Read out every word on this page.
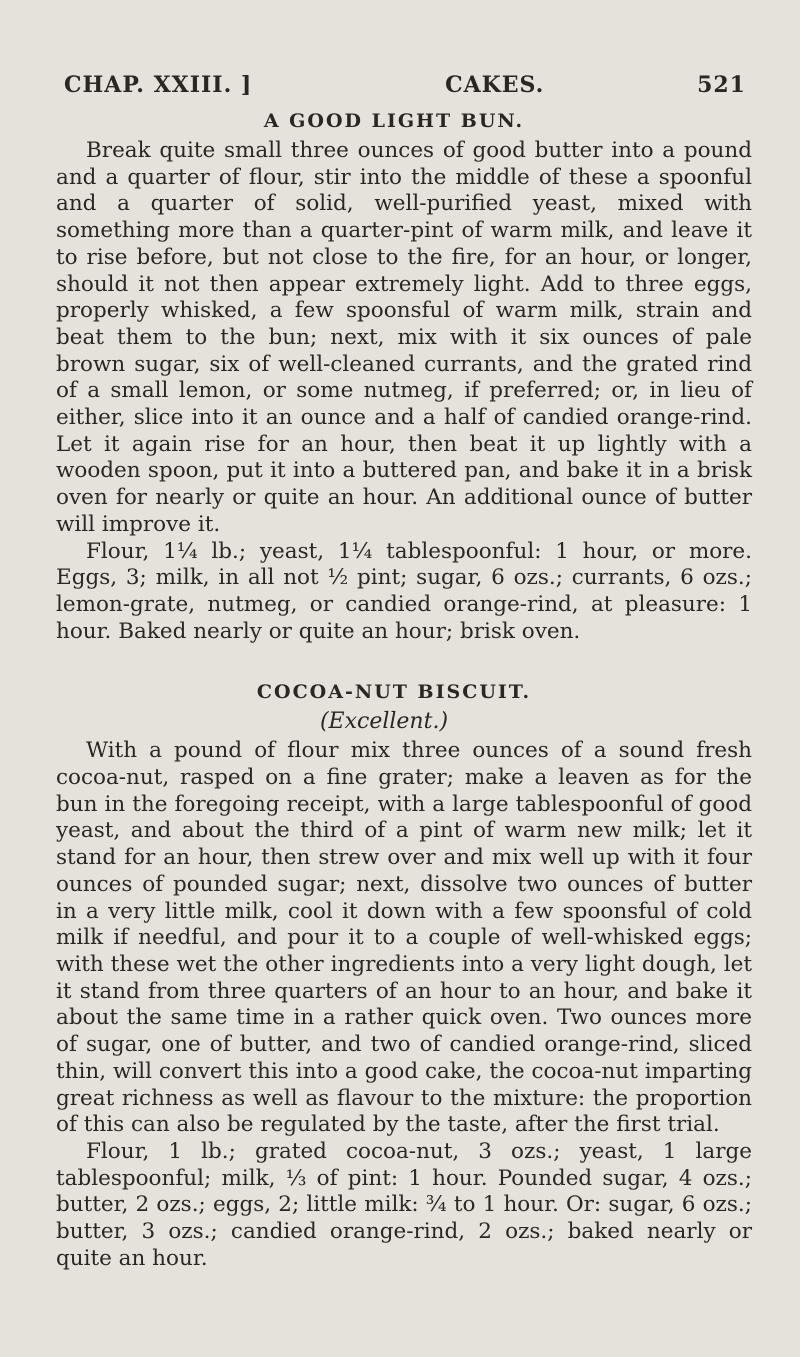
CHAP. XXIII. ]	CAKES.	521
A GOOD LIGHT BUN.

Break quite small three ounces of good butter into a pound and a quarter of flour, stir into the middle of these a spoonful and a quarter of solid, well-purified yeast, mixed with something more than a quarter-pint of warm milk, and leave it to rise before, but not close to the fire, for an hour, or longer, should it not then appear extremely light. Add to three eggs, properly whisked, a few spoonsful of warm milk, strain and beat them to the bun; next, mix with it six ounces of pale brown sugar, six of well-cleaned currants, and the grated rind of a small lemon, or some nutmeg, if preferred; or, in lieu of either, slice into it an ounce and a half of candied orange-rind. Let it again rise for an hour, then beat it up lightly with a wooden spoon, put it into a buttered pan, and bake it in a brisk oven for nearly or quite an hour. An additional ounce of butter will improve it.

Flour, 1¼ lb.; yeast, 1¼ tablespoonful: 1 hour, or more. Eggs, 3; milk, in all not ½ pint; sugar, 6 ozs.; currants, 6 ozs.; lemon-grate, nutmeg, or candied orange-rind, at pleasure: 1 hour. Baked nearly or quite an hour; brisk oven.

COCOA-NUT BISCUIT.
(Excellent.)

With a pound of flour mix three ounces of a sound fresh cocoa-nut, rasped on a fine grater; make a leaven as for the bun in the foregoing receipt, with a large tablespoonful of good yeast, and about the third of a pint of warm new milk; let it stand for an hour, then strew over and mix well up with it four ounces of pounded sugar; next, dissolve two ounces of butter in a very little milk, cool it down with a few spoonsful of cold milk if needful, and pour it to a couple of well-whisked eggs; with these wet the other ingredients into a very light dough, let it stand from three quarters of an hour to an hour, and bake it about the same time in a rather quick oven. Two ounces more of sugar, one of butter, and two of candied orange-rind, sliced thin, will convert this into a good cake, the cocoa-nut imparting great richness as well as flavour to the mixture: the proportion of this can also be regulated by the taste, after the first trial.

Flour, 1 lb.; grated cocoa-nut, 3 ozs.; yeast, 1 large tablespoonful; milk, ⅓ of pint: 1 hour. Pounded sugar, 4 ozs.; butter, 2 ozs.; eggs, 2; little milk: ¾ to 1 hour. Or: sugar, 6 ozs.; butter, 3 ozs.; candied orange-rind, 2 ozs.; baked nearly or quite an hour.
